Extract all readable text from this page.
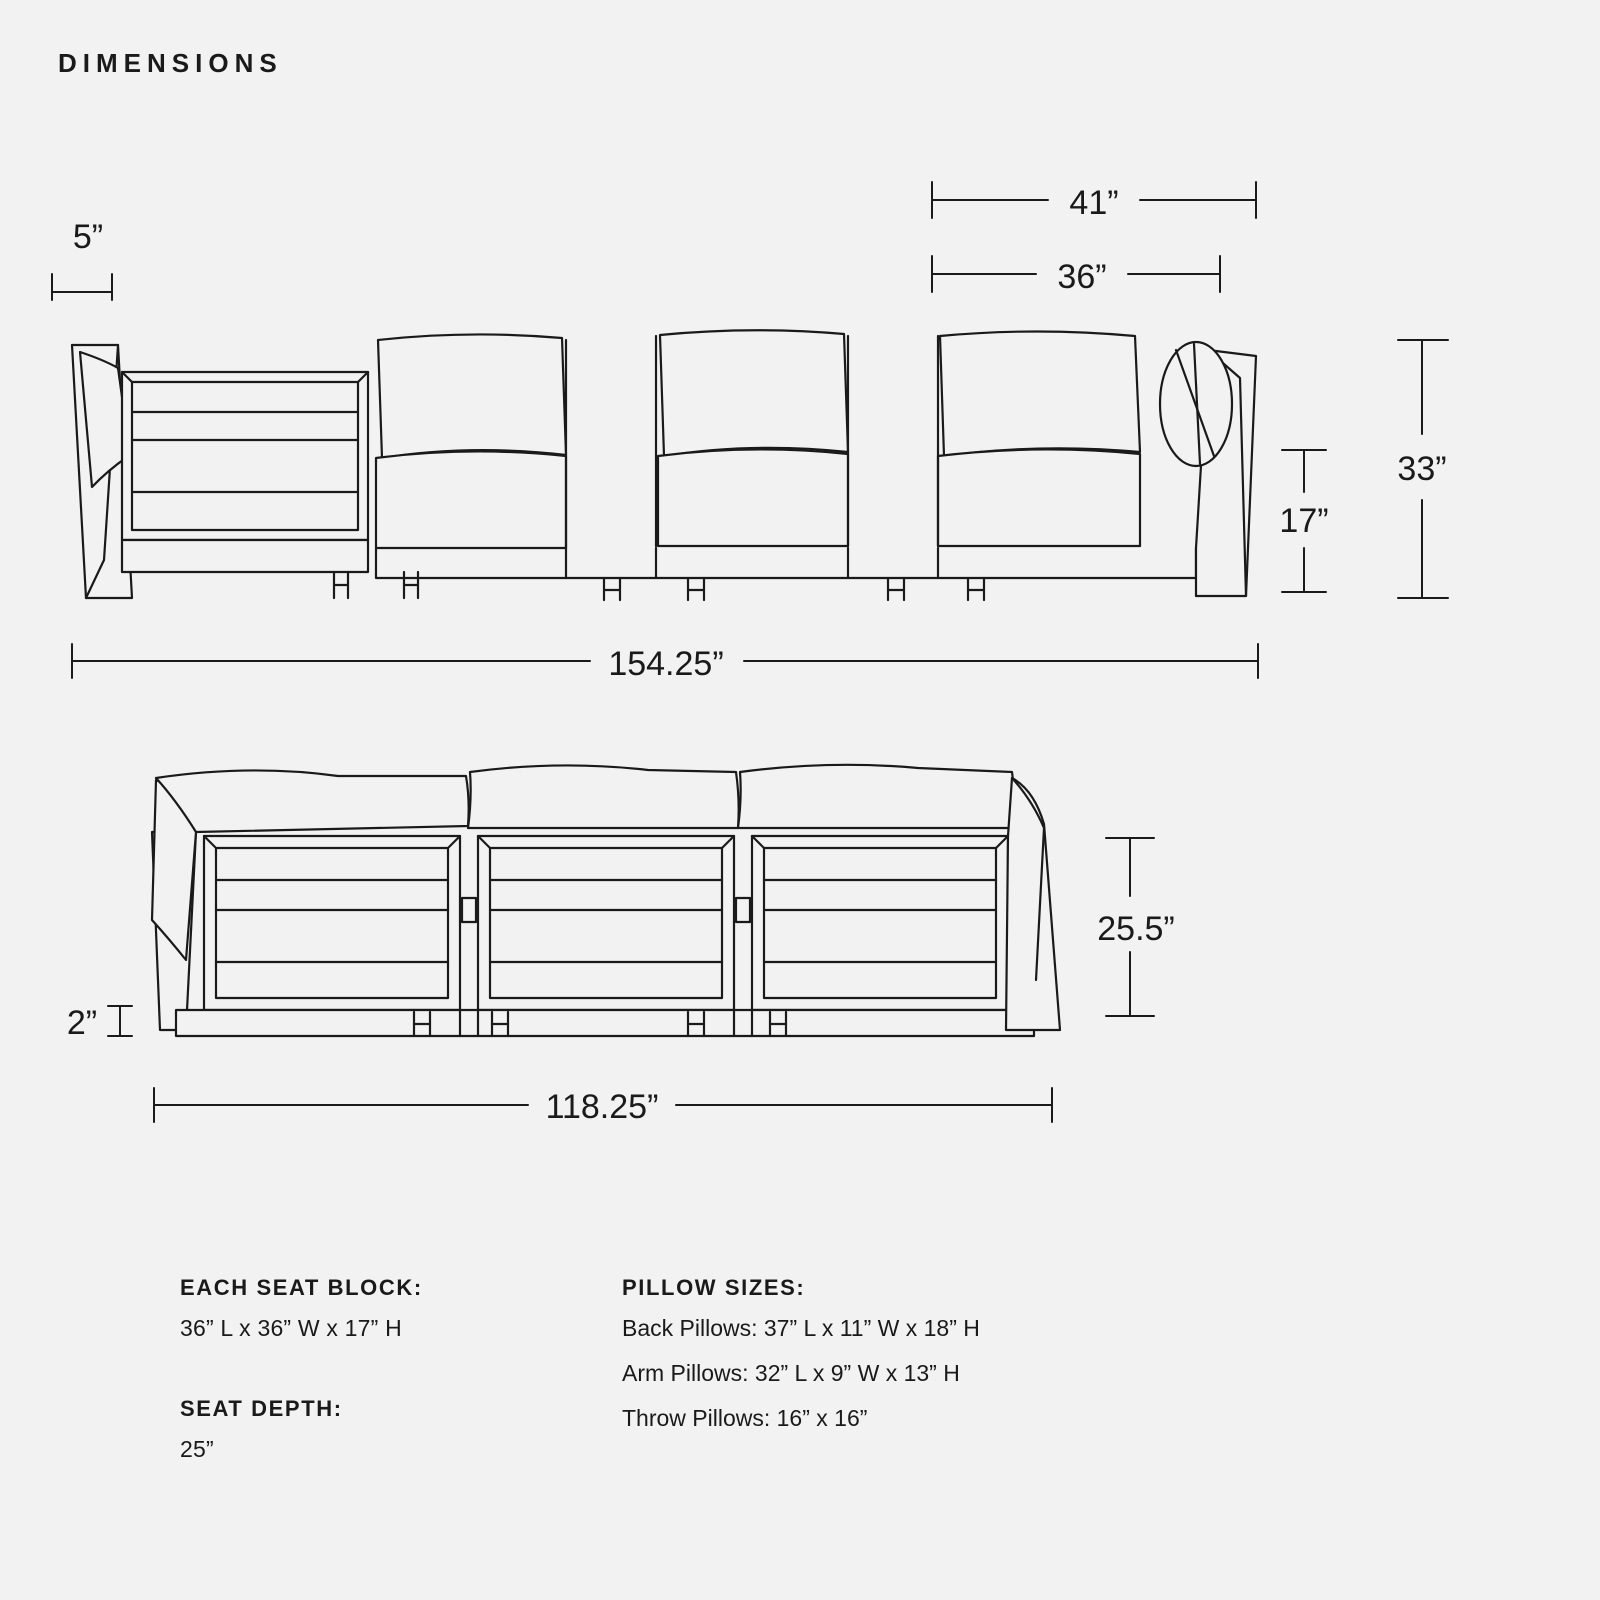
DIMENSIONS
5”
41”
36”
33”
17”
154.25”
2”
25.5”
118.25”
EACH SEAT BLOCK:
36” L x 36” W x 17” H
SEAT DEPTH:
25”
PILLOW SIZES:
Back Pillows: 37” L x 11” W x 18” H
Arm Pillows: 32” L x 9” W x 13” H
Throw Pillows: 16” x 16”
